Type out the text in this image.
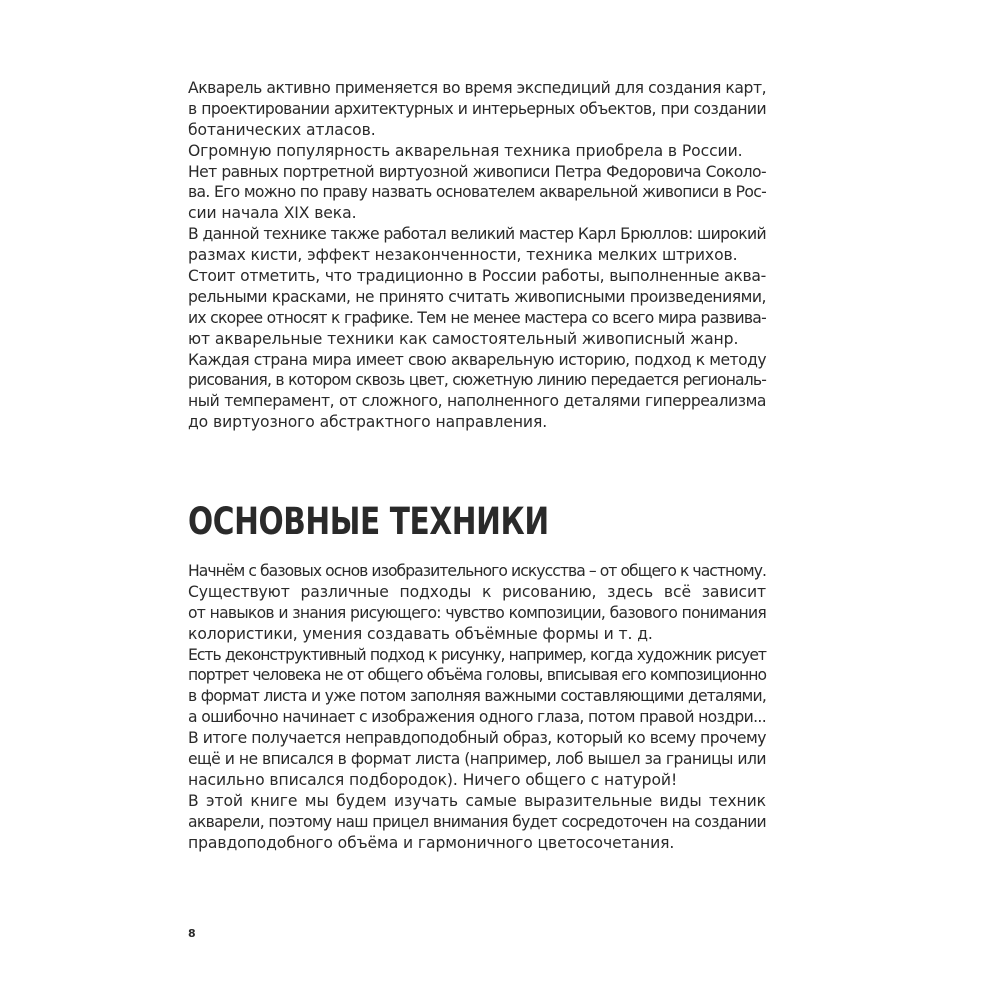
Акварель активно применяется во время экспедиций для создания карт,
в проектировании архитектурных и интерьерных объектов, при создании
ботанических атласов.
Огромную популярность акварельная техника приобрела в России.
Нет равных портретной виртуозной живописи Петра Федоровича Соколо-
ва. Его можно по праву назвать основателем акварельной живописи в Рос-
сии начала XIX века.
В данной технике также работал великий мастер Карл Брюллов: широкий
размах кисти, эффект незаконченности, техника мелких штрихов.
Стоит отметить, что традиционно в России работы, выполненные аква-
рельными красками, не принято считать живописными произведениями,
их скорее относят к графике. Тем не менее мастера со всего мира развива-
ют акварельные техники как самостоятельный живописный жанр.
Каждая страна мира имеет свою акварельную историю, подход к методу
рисования, в котором сквозь цвет, сюжетную линию передается региональ-
ный темперамент, от сложного, наполненного деталями гиперреализма
до виртуозного абстрактного направления.
ОСНОВНЫЕ ТЕХНИКИ
Начнём с базовых основ изобразительного искусства – от общего к частному.
Существуют различные подходы к рисованию, здесь всё зависит
от навыков и знания рисующего: чувство композиции, базового понимания
колористики, умения создавать объёмные формы и т. д.
Есть деконструктивный подход к рисунку, например, когда художник рисует
портрет человека не от общего объёма головы, вписывая его композиционно
в формат листа и уже потом заполняя важными составляющими деталями,
а ошибочно начинает с изображения одного глаза, потом правой ноздри...
В итоге получается неправдоподобный образ, который ко всему прочему
ещё и не вписался в формат листа (например, лоб вышел за границы или
насильно вписался подбородок). Ничего общего с натурой!
В этой книге мы будем изучать самые выразительные виды техник
акварели, поэтому наш прицел внимания будет сосредоточен на создании
правдоподобного объёма и гармоничного цветосочетания.
8
